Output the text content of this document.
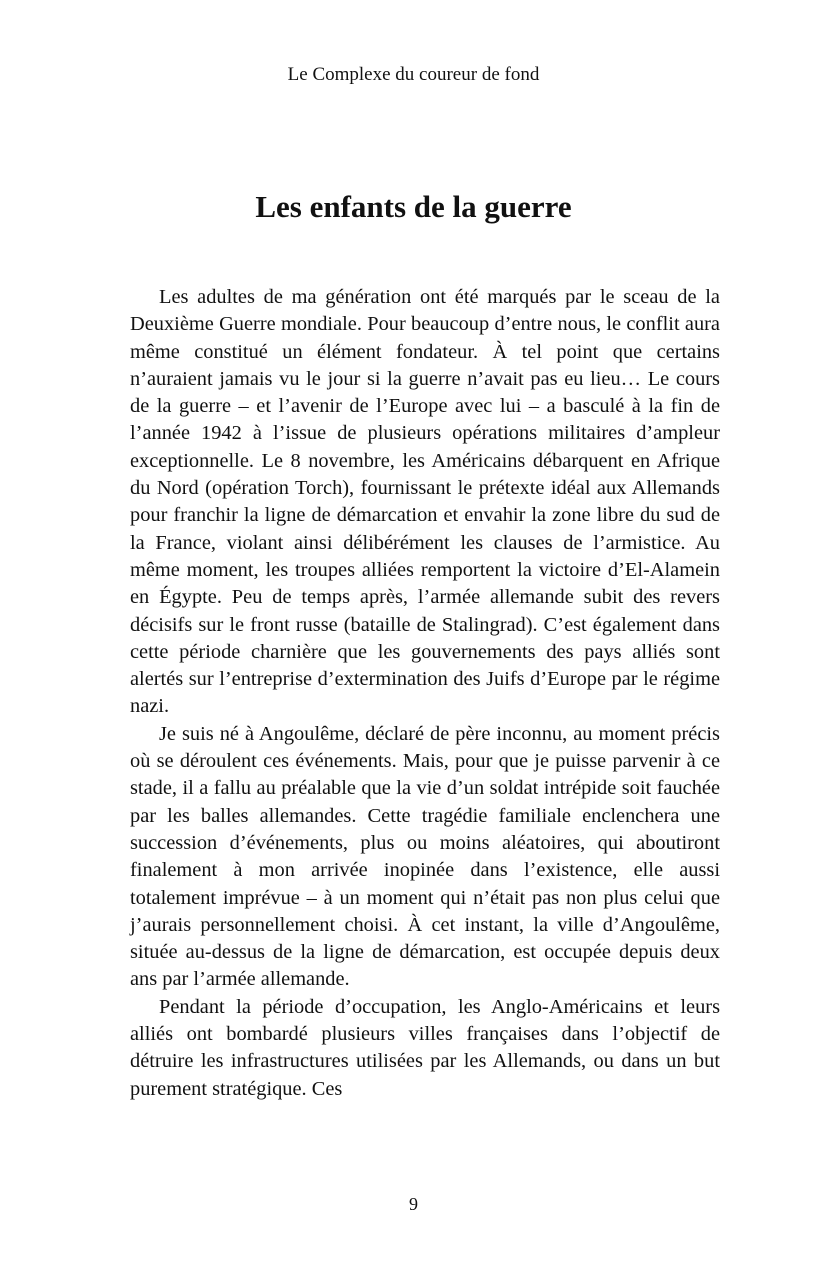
Le Complexe du coureur de fond
Les enfants de la guerre

Les adultes de ma génération ont été marqués par le sceau de la Deuxième Guerre mondiale. Pour beaucoup d’entre nous, le conflit aura même constitué un élément fondateur. À tel point que certains n’auraient jamais vu le jour si la guerre n’avait pas eu lieu… Le cours de la guerre – et l’avenir de l’Europe avec lui – a basculé à la fin de l’année 1942 à l’issue de plusieurs opérations militaires d’ampleur exceptionnelle. Le 8 novembre, les Américains débarquent en Afrique du Nord (opération Torch), fournissant le prétexte idéal aux Allemands pour franchir la ligne de démarcation et envahir la zone libre du sud de la France, violant ainsi délibérément les clauses de l’armistice. Au même moment, les troupes alliées remportent la victoire d’El-Alamein en Égypte. Peu de temps après, l’armée allemande subit des revers décisifs sur le front russe (bataille de Stalingrad). C’est également dans cette période charnière que les gouvernements des pays alliés sont alertés sur l’entreprise d’extermination des Juifs d’Europe par le régime nazi.

Je suis né à Angoulême, déclaré de père inconnu, au moment précis où se déroulent ces événements. Mais, pour que je puisse parvenir à ce stade, il a fallu au préalable que la vie d’un soldat intrépide soit fauchée par les balles allemandes. Cette tragédie familiale enclenchera une succession d’événements, plus ou moins aléatoires, qui aboutiront finalement à mon arrivée inopinée dans l’existence, elle aussi totalement imprévue – à un moment qui n’était pas non plus celui que j’aurais personnellement choisi. À cet instant, la ville d’Angoulême, située au-dessus de la ligne de démarcation, est occupée depuis deux ans par l’armée allemande.

Pendant la période d’occupation, les Anglo-Américains et leurs alliés ont bombardé plusieurs villes françaises dans l’objectif de détruire les infrastructures utilisées par les Allemands, ou dans un but purement stratégique. Ces

9
